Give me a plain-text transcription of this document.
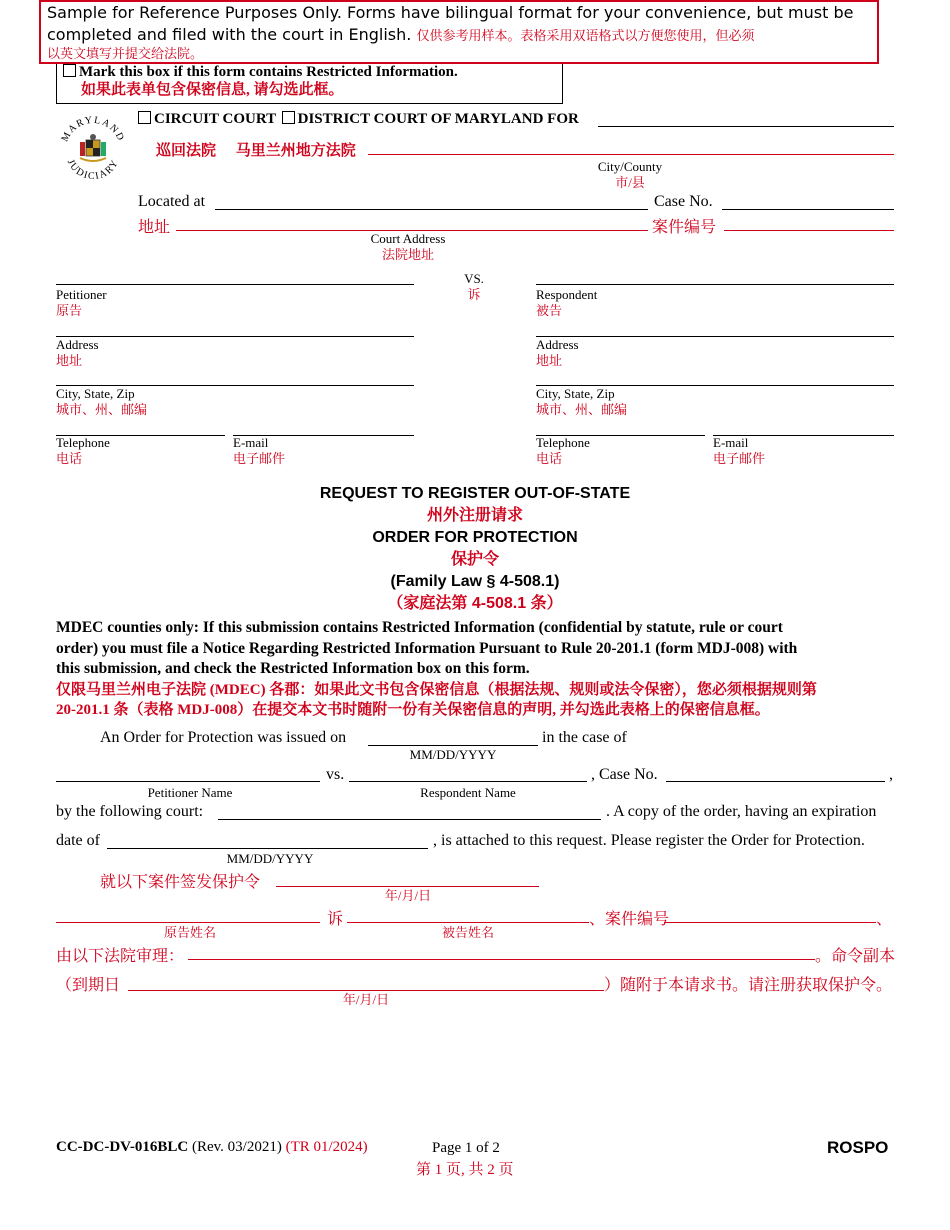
Sample for Reference Purposes Only. Forms have bilingual format for your convenience, but must be
completed and filed with the court in English. 仅供参考用样本。表格采用双语格式以方便您使用，但必须
以英文填写并提交给法院。
Mark this box if this form contains Restricted Information.
如果此表单包含保密信息, 请勾选此框。
MARYLAND
JUDICIARY
CIRCUIT COURT DISTRICT COURT OF MARYLAND FOR
巡回法院 马里兰州地方法院
City/County
市/县
Located at	Case No.
地址	案件编号
Court Address
法院地址
VS.
诉
Petitioner
原告
Address
地址
City, State, Zip
城市、州、邮编
Telephone
电话
E-mail
电子邮件
Respondent
被告
Address
地址
City, State, Zip
城市、州、邮编
Telephone
电话
E-mail
电子邮件
REQUEST TO REGISTER OUT-OF-STATE
州外注册请求
ORDER FOR PROTECTION
保护令
(Family Law § 4-508.1)
（家庭法第 4-508.1 条）
MDEC counties only: If this submission contains Restricted Information (confidential by statute, rule or court
order) you must file a Notice Regarding Restricted Information Pursuant to Rule 20-201.1 (form MDJ-008) with
this submission, and check the Restricted Information box on this form.
仅限马里兰州电子法院 (MDEC) 各郡：如果此文书包含保密信息（根据法规、规则或法令保密），您必须根据规则第
20-201.1 条（表格 MDJ-008）在提交本文书时随附一份有关保密信息的声明, 并勾选此表格上的保密信息框。
An Order for Protection was issued on	in the case of
MM/DD/YYYY
vs.	, Case No.	,
Petitioner Name	Respondent Name
by the following court:	. A copy of the order, having an expiration
date of	, is attached to this request. Please register the Order for Protection.
MM/DD/YYYY
就以下案件签发保护令
年/月/日
诉	、案件编号	、
原告姓名	被告姓名
由以下法院审理：	。命令副本
（到期日	）随附于本请求书。请注册获取保护令。
年/月/日
CC-DC-DV-016BLC (Rev. 03/2021) (TR 01/2024)	Page 1 of 2
第 1 页, 共 2 页
ROSPO
